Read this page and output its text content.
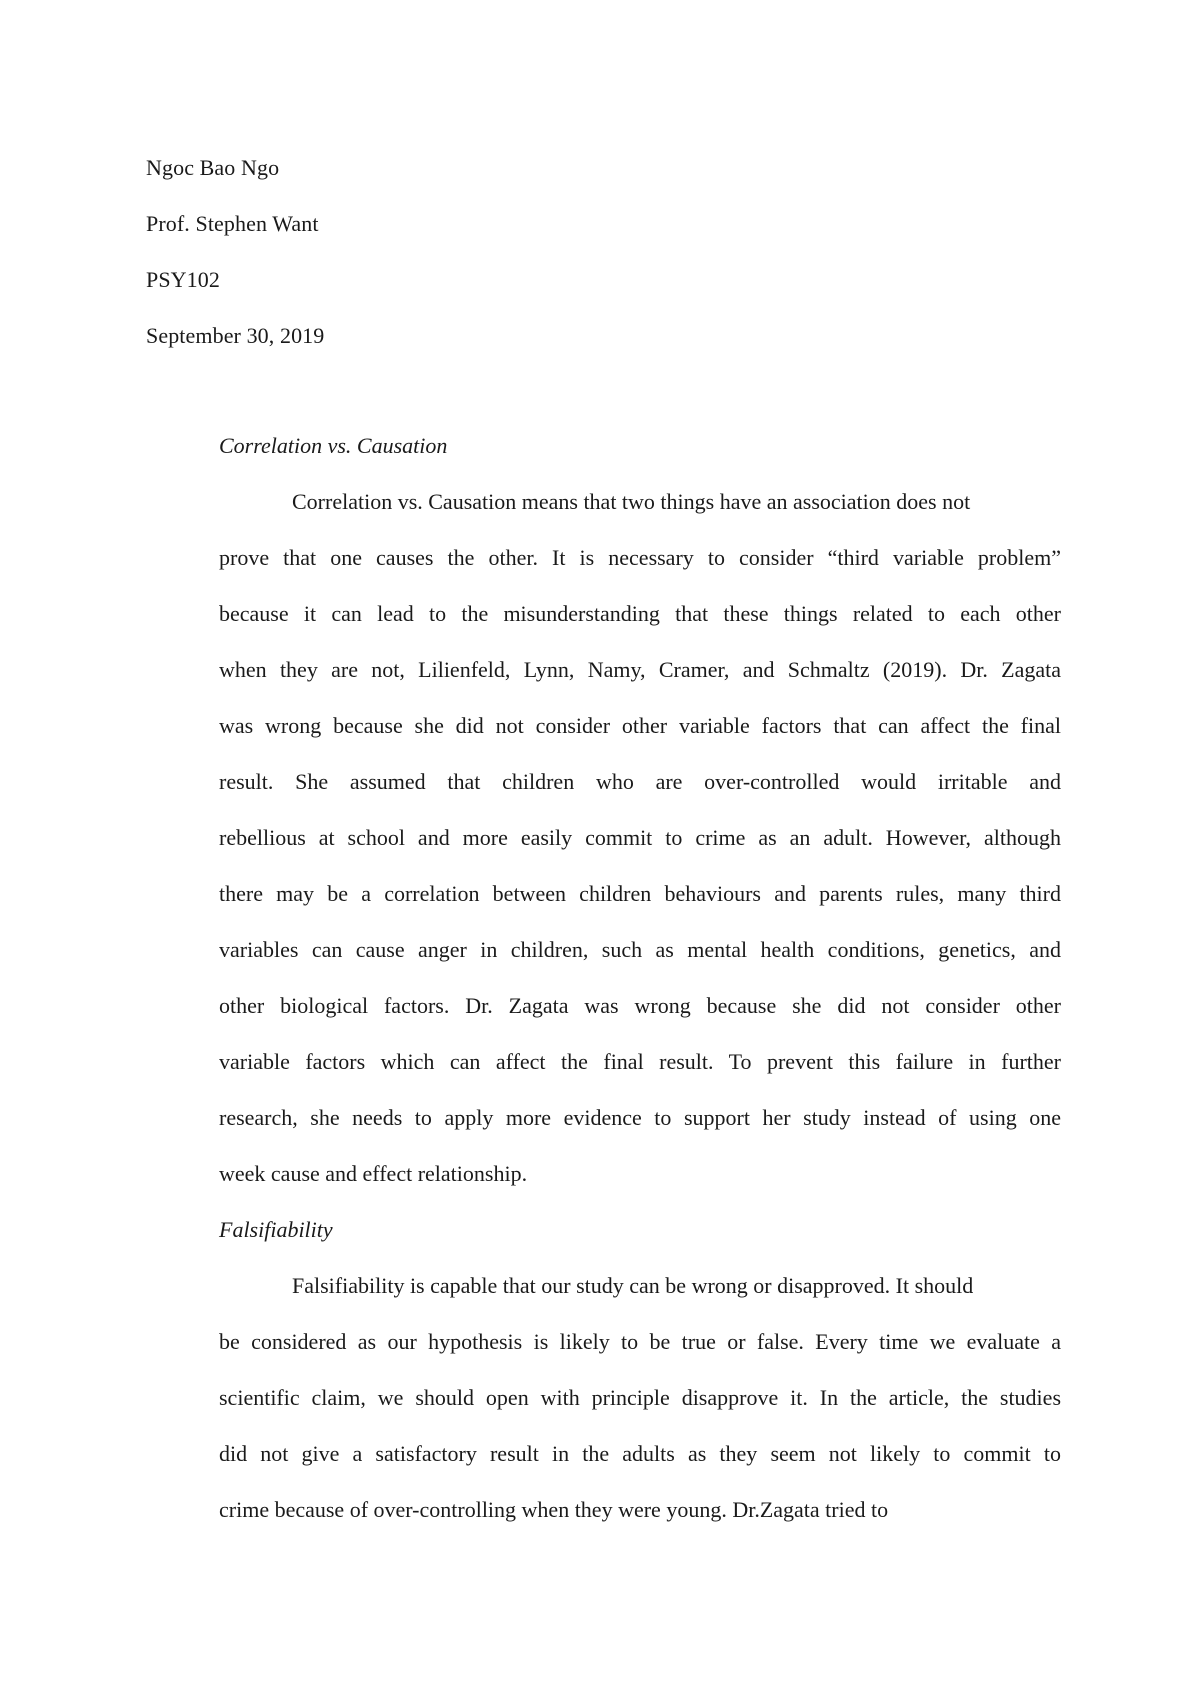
Ngoc Bao Ngo
Prof. Stephen Want
PSY102
September 30, 2019
Correlation vs. Causation
Correlation vs. Causation means that two things have an association does not
prove that one causes the other. It is necessary to consider “third variable problem”
because it can lead to the misunderstanding that these things related to each other
when they are not, Lilienfeld, Lynn, Namy, Cramer, and Schmaltz (2019). Dr. Zagata
was wrong because she did not consider other variable factors that can affect the final
result. She assumed that children who are over-controlled would irritable and
rebellious at school and more easily commit to crime as an adult. However, although
there may be a correlation between children behaviours and parents rules, many third
variables can cause anger in children, such as mental health conditions, genetics, and
other biological factors. Dr. Zagata was wrong because she did not consider other
variable factors which can affect the final result. To prevent this failure in further
research, she needs to apply more evidence to support her study instead of using one
week cause and effect relationship.
Falsifiability
Falsifiability is capable that our study can be wrong or disapproved. It should
be considered as our hypothesis is likely to be true or false. Every time we evaluate a
scientific claim, we should open with principle disapprove it. In the article, the studies
did not give a satisfactory result in the adults as they seem not likely to commit to
crime because of over-controlling when they were young. Dr.Zagata tried to
